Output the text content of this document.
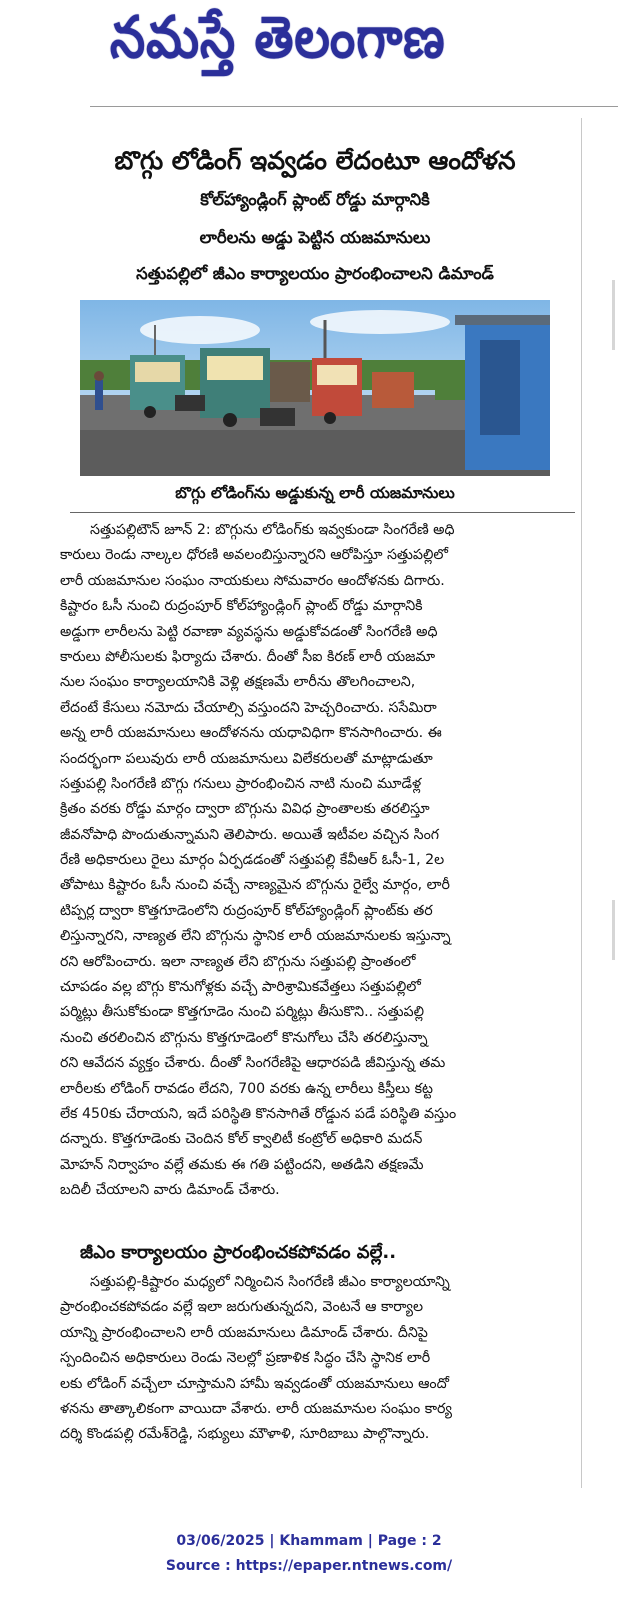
నమస్తే తెలంగాణ
బొగ్గు లోడింగ్ ఇవ్వడం లేదంటూ ఆందోళన
కోల్‌హ్యాండ్లింగ్ ప్లాంట్ రోడ్డు మార్గానికి
లారీలను అడ్డు పెట్టిన యజమానులు
సత్తుపల్లిలో జీఎం కార్యాలయం ప్రారంభించాలని డిమాండ్
బొగ్గు లోడింగ్‌ను అడ్డుకున్న లారీ యజమానులు
సత్తుపల్లిటౌన్ జూన్ 2: బొగ్గును లోడింగ్‌కు ఇవ్వకుండా సింగరేణి అధి
కారులు రెండు నాల్కల ధోరణి అవలంబిస్తున్నారని ఆరోపిస్తూ సత్తుపల్లిలో
లారీ యజమానుల సంఘం నాయకులు సోమవారం ఆందోళనకు దిగారు.
కిష్టారం ఓసీ నుంచి రుద్రంపూర్ కోల్‌హ్యాండ్లింగ్ ప్లాంట్ రోడ్డు మార్గానికి
అడ్డుగా లారీలను పెట్టి రవాణా వ్యవస్థను అడ్డుకోవడంతో సింగరేణి అధి
కారులు పోలీసులకు ఫిర్యాదు చేశారు. దీంతో సీఐ కిరణ్ లారీ యజమా
నుల సంఘం కార్యాలయానికి వెళ్లి తక్షణమే లారీను తొలగించాలని,
లేదంటే కేసులు నమోదు చేయాల్సి వస్తుందని హెచ్చరించారు. ససేమిరా
అన్న లారీ యజమానులు ఆందోళనను యధావిధిగా కొనసాగించారు. ఈ
సందర్భంగా పలువురు లారీ యజమానులు విలేకరులతో మాట్లాడుతూ
సత్తుపల్లి సింగరేణి బొగ్గు గనులు ప్రారంభించిన నాటి నుంచి మూడేళ్ల
క్రితం వరకు రోడ్డు మార్గం ద్వారా బొగ్గును వివిధ ప్రాంతాలకు తరలిస్తూ
జీవనోపాధి పొందుతున్నామని తెలిపారు. అయితే ఇటీవల వచ్చిన సింగ
రేణి అధికారులు రైలు మార్గం ఏర్పడడంతో సత్తుపల్లి కేవీఆర్ ఓసీ-1, 2ల
తోపాటు కిష్టారం ఓసీ నుంచి వచ్చే నాణ్యమైన బొగ్గును రైల్వే మార్గం, లారీ
టిప్పర్ల ద్వారా కొత్తగూడెంలోని రుద్రంపూర్ కోల్‌హ్యాండ్లింగ్ ప్లాంట్‌కు తర
లిస్తున్నారని, నాణ్యత లేని బొగ్గును స్థానిక లారీ యజమానులకు ఇస్తున్నా
రని ఆరోపించారు. ఇలా నాణ్యత లేని బొగ్గును సత్తుపల్లి ప్రాంతంలో
చూపడం వల్ల బొగ్గు కొనుగోళ్లకు వచ్చే పారిశ్రామికవేత్తలు సత్తుపల్లిలో
పర్మిట్లు తీసుకోకుండా కొత్తగూడెం నుంచి పర్మిట్లు తీసుకొని.. సత్తుపల్లి
నుంచి తరలించిన బొగ్గును కొత్తగూడెంలో కొనుగోలు చేసి తరలిస్తున్నా
రని ఆవేదన వ్యక్తం చేశారు. దీంతో సింగరేణిపై ఆధారపడి జీవిస్తున్న తమ
లారీలకు లోడింగ్ రావడం లేదని, 700 వరకు ఉన్న లారీలు కిస్తీలు కట్ట
లేక 450కు చేరాయని, ఇదే పరిస్థితి కొనసాగితే రోడ్డున పడే పరిస్థితి వస్తుం
దన్నారు. కొత్తగూడెంకు చెందిన కోల్ క్వాలిటీ కంట్రోల్ అధికారి మదన్
మోహన్ నిర్వాహం వల్లే తమకు ఈ గతి పట్టిందని, అతడిని తక్షణమే
బదిలీ చేయాలని వారు డిమాండ్ చేశారు.
జీఎం కార్యాలయం ప్రారంభించకపోవడం వల్లే..
సత్తుపల్లి-కిష్టారం మధ్యలో నిర్మించిన సింగరేణి జీఎం కార్యాలయాన్ని
ప్రారంభించకపోవడం వల్లే ఇలా జరుగుతున్నదని, వెంటనే ఆ కార్యాల
యాన్ని ప్రారంభించాలని లారీ యజమానులు డిమాండ్ చేశారు. దీనిపై
స్పందించిన అధికారులు రెండు నెలల్లో ప్రణాళిక సిద్ధం చేసి స్థానిక లారీ
లకు లోడింగ్ వచ్చేలా చూస్తామని హామీ ఇవ్వడంతో యజమానులు ఆందో
ళనను తాత్కాలికంగా వాయిదా వేశారు. లారీ యజమానుల సంఘం కార్య
దర్శి కొండపల్లి రమేశ్‌రెడ్డి, సభ్యులు మౌళాళి, సూరిబాబు పాల్గొన్నారు.
03/06/2025 | Khammam | Page : 2
Source : https://epaper.ntnews.com/
